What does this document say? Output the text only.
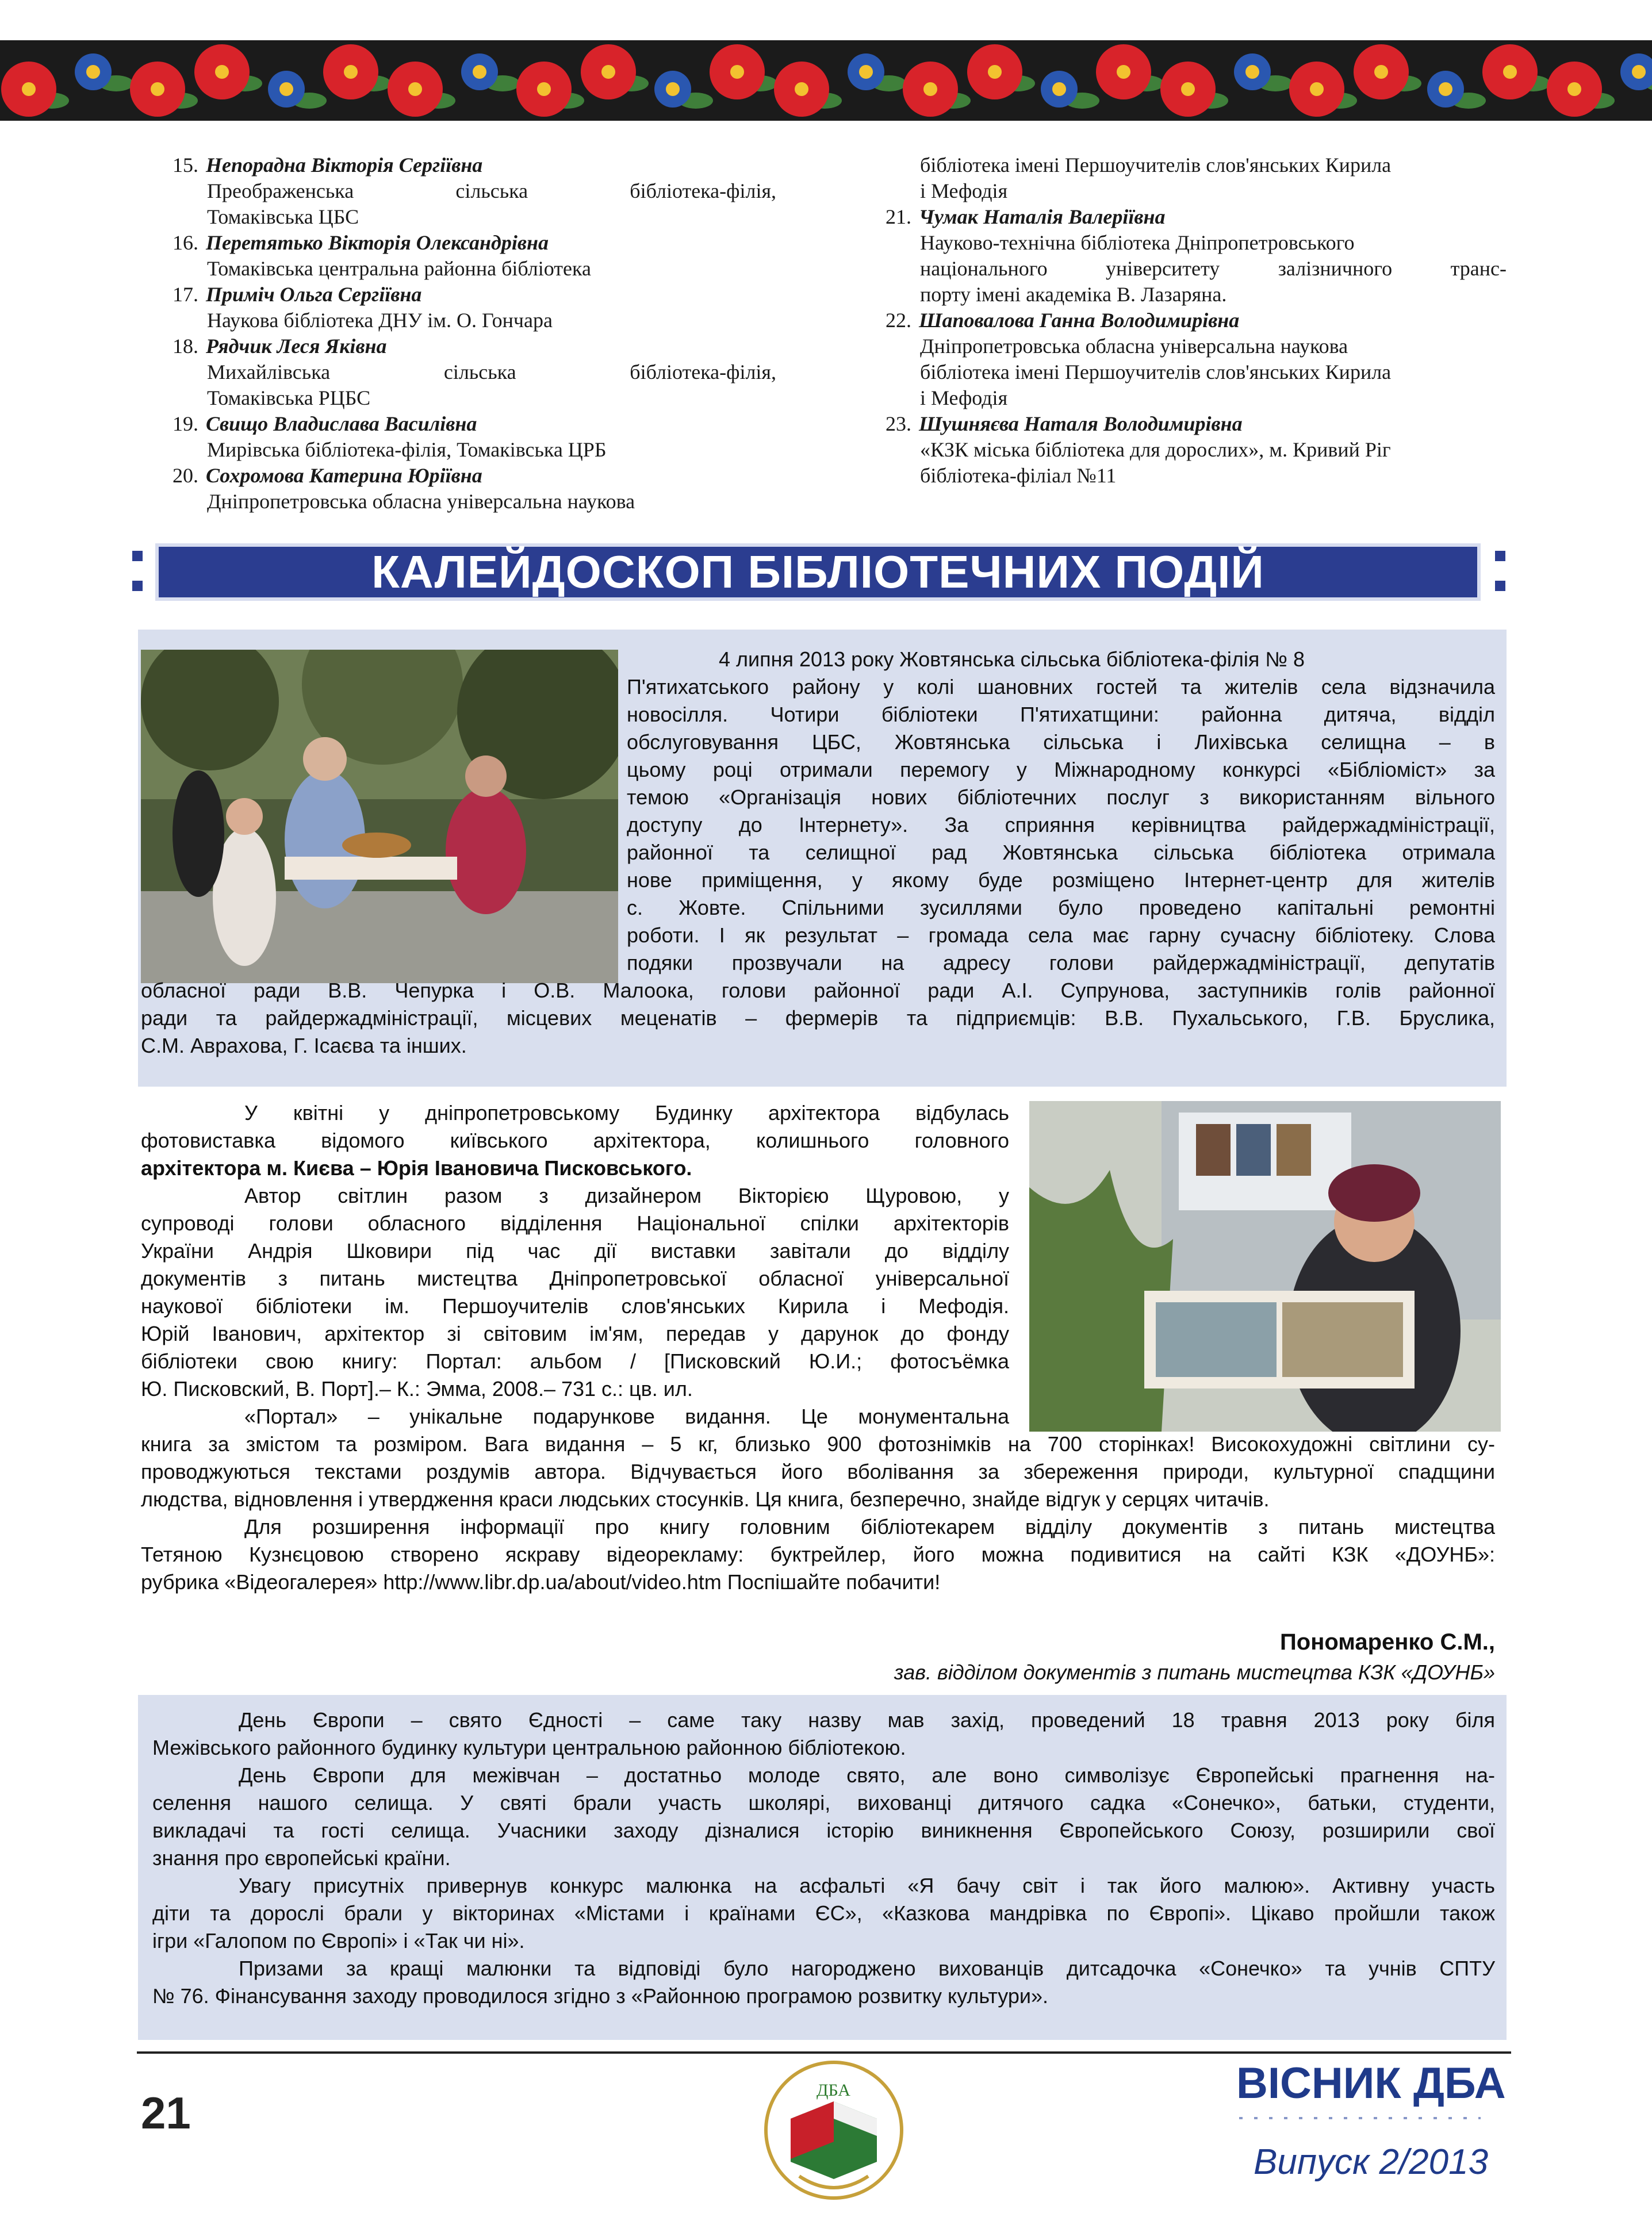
15. Непорадна Вікторія Сергіївна
Преображенська сільська бібліотека-філія,
Томаківська ЦБС
16. Перетятько Вікторія Олександрівна
Томаківська центральна районна бібліотека
17. Приміч Ольга Сергіївна
Наукова бібліотека ДНУ ім. О. Гончара
18. Рядчик Леся Яківна
Михайлівська сільська бібліотека-філія,
Томаківська РЦБС
19. Свищо Владислава Василівна
Мирівська бібліотека-філія, Томаківська ЦРБ
20. Сохромова Катерина Юріївна
Дніпропетровська обласна універсальна наукова
бібліотека імені Першоучителів слов'янських Кирила
і Мефодія
21. Чумак Наталія Валеріївна
Науково-технічна бібліотека Дніпропетровського
національного університету залізничного транс-
порту імені академіка В. Лазаряна.
22. Шаповалова Ганна Володимирівна
Дніпропетровська обласна універсальна наукова
бібліотека імені Першоучителів слов'янських Кирила
і Мефодія
23. Шушняєва Наталя Володимирівна
«КЗК міська бібліотека для дорослих», м. Кривий Ріг
бібліотека-філіал №11
КАЛЕЙДОСКОП БІБЛІОТЕЧНИХ ПОДІЙ
4 липня 2013 року Жовтянська сільська бібліотека-філія № 8
П'ятихатського району у колі шановних гостей та жителів села відзначила
новосілля. Чотири бібліотеки П'ятихатщини: районна дитяча, відділ
обслуговування ЦБС, Жовтянська сільська і Лихівська селищна – в
цьому році отримали перемогу у Міжнародному конкурсі «Бібліоміст» за
темою «Організація нових бібліотечних послуг з використанням вільного
доступу до Інтернету». За сприяння керівництва райдержадміністрації,
районної та селищної рад Жовтянська сільська бібліотека отримала
нове приміщення, у якому буде розміщено Інтернет-центр для жителів
с. Жовте. Спільними зусиллями було проведено капітальні ремонтні
роботи. І як результат – громада села має гарну сучасну бібліотеку. Слова
подяки прозвучали на адресу голови райдержадміністрації, депутатів
обласної ради В.В. Чепурка і О.В. Малоока, голови районної ради А.І. Супрунова, заступників голів районної
ради та райдержадміністрації, місцевих меценатів – фермерів та підприємців: В.В. Пухальського, Г.В. Бруслика,
С.М. Аврахова, Г. Ісаєва та інших.
У квітні у дніпропетровському Будинку архітектора відбулась
фотовиставка відомого київського архітектора, колишнього головного
архітектора м. Києва – Юрія Івановича Писковського.
Автор світлин разом з дизайнером Вікторією Щуровою, у
супроводі голови обласного відділення Національної спілки архітекторів
України Андрія Шковири під час дії виставки завітали до відділу
документів з питань мистецтва Дніпропетровської обласної універсальної
наукової бібліотеки ім. Першоучителів слов'янських Кирила і Мефодія.
Юрій Іванович, архітектор зі світовим ім'ям, передав у дарунок до фонду
бібліотеки свою книгу: Портал: альбом / [Писковский Ю.И.; фотосъёмка
Ю. Писковский, В. Порт].– К.: Эмма, 2008.– 731 с.: цв. ил.
«Портал» – унікальне подарункове видання. Це монументальна
книга за змістом та розміром. Вага видання – 5 кг, близько 900 фотознімків на 700 сторінках! Високохудожні світлини су-
проводжуються текстами роздумів автора. Відчувається його вболівання за збереження природи, культурної спадщини
людства, відновлення і утвердження краси людських стосунків. Ця книга, безперечно, знайде відгук у серцях читачів.
Для розширення інформації про книгу головним бібліотекарем відділу документів з питань мистецтва
Тетяною Кузнєцовою створено яскраву відеорекламу: буктрейлер, його можна подивитися на сайті КЗК «ДОУНБ»:
рубрика «Відеогалерея» http://www.libr.dp.ua/about/video.htm Поспішайте побачити!
Пономаренко С.М.,
зав. відділом документів з питань мистецтва КЗК «ДОУНБ»
День Європи – свято Єдності – саме таку назву мав захід, проведений 18 травня 2013 року біля
Межівського районного будинку культури центральною районною бібліотекою.
День Європи для межівчан – достатньо молоде свято, але воно символізує Європейські прагнення на-
селення нашого селища. У святі брали участь школярі, вихованці дитячого садка «Сонечко», батьки, студенти,
викладачі та гості селища. Учасники заходу дізналися історію виникнення Європейського Союзу, розширили свої
знання про європейські країни.
Увагу присутніх привернув конкурс малюнка на асфальті «Я бачу світ і так його малюю». Активну участь
діти та дорослі брали у вікторинах «Містами і країнами ЄС», «Казкова мандрівка по Європі». Цікаво пройшли також
ігри «Галопом по Європі» і «Так чи ні».
Призами за кращі малюнки та відповіді було нагороджено вихованців дитсадочка «Сонечко» та учнів СПТУ
№ 76. Фінансування заходу проводилося згідно з «Районною програмою розвитку культури».
21	ДБА	ВІСНИК ДБА
Випуск 2/2013
